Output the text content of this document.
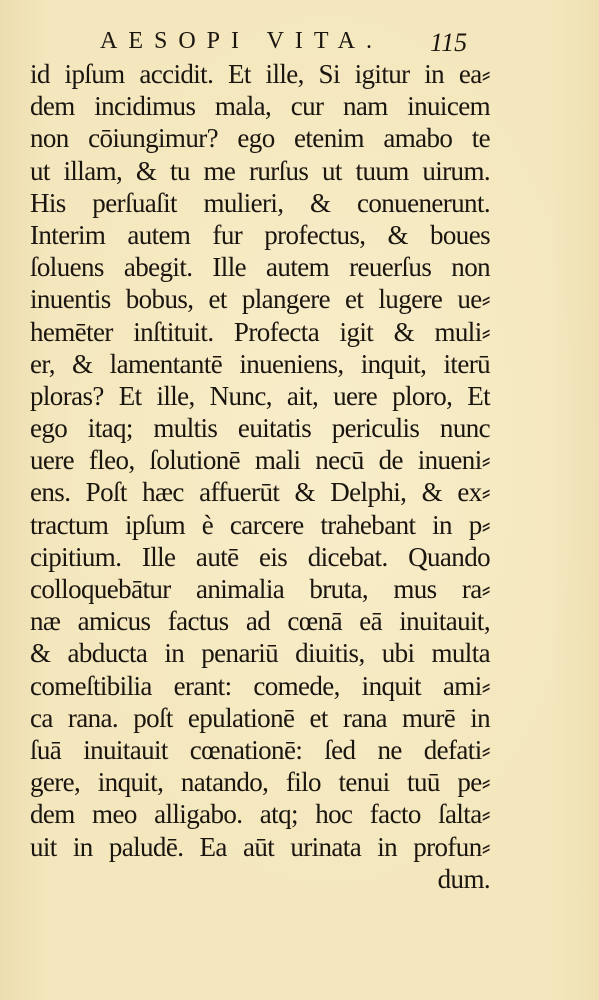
AESOPI VITA. 115
id ipſum accidit. Et ille, Si igitur in ea⸗
dem incidimus mala, cur nam inuicem
non cōiungimur? ego etenim amabo te
ut illam, & tu me rurſus ut tuum uirum.
His perſuaſit mulieri, & conuenerunt.
Interim autem fur profectus, & boues
ſoluens abegit. Ille autem reuerſus non
inuentis bobus, et plangere et lugere ue⸗
hemēter inſtituit. Profecta igit & muli⸗
er, & lamentantē inueniens, inquit, iterū
ploras? Et ille, Nunc, ait, uere ploro, Et
ego itaq; multis euitatis periculis nunc
uere fleo, ſolutionē mali necū de inueni⸗
ens. Poſt hæc affuerūt & Delphi, & ex⸗
tractum ipſum è carcere trahebant in p⸗
cipitium. Ille autē eis dicebat. Quando
colloquebātur animalia bruta, mus ra⸗
næ amicus factus ad cœnā eā inuitauit,
& abducta in penariū diuitis, ubi multa
comeſtibilia erant: comede, inquit ami⸗
ca rana. poſt epulationē et rana murē in
ſuā inuitauit cœnationē: ſed ne defati⸗
gere, inquit, natando, filo tenui tuū pe⸗
dem meo alligabo. atq; hoc facto ſalta⸗
uit in paludē. Ea aūt urinata in profun⸗
dum.
